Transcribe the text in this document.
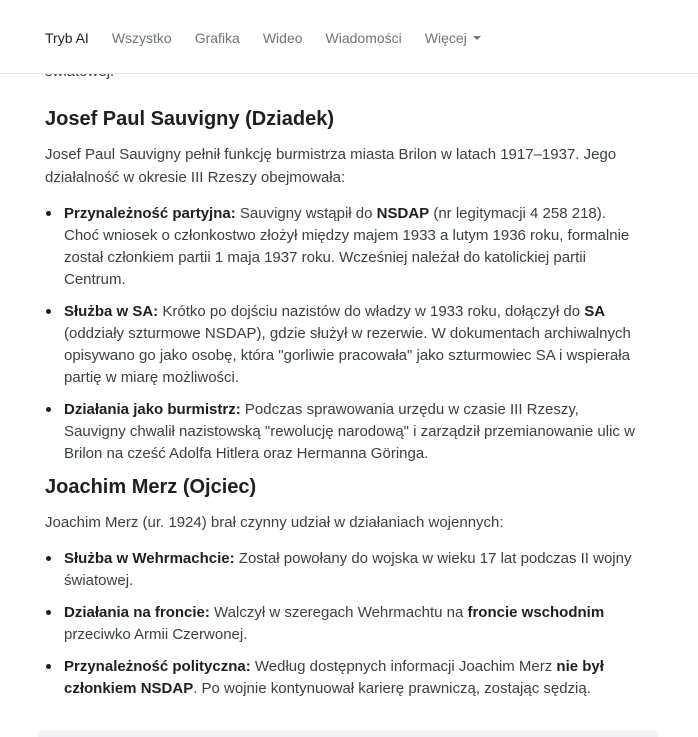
Josef Paul Sauvigny (Dziadek)

Josef Paul Sauvigny pełnił funkcję burmistrza miasta Brilon w latach 1917–1937. Jego działalność w okresie III Rzeszy obejmowała:

Przynależność partyjna: Sauvigny wstąpił do NSDAP (nr legitymacji 4 258 218). Choć wniosek o członkostwo złożył między majem 1933 a lutym 1936 roku, formalnie został członkiem partii 1 maja 1937 roku. Wcześniej należał do katolickiej partii Centrum.
Służba w SA: Krótko po dojściu nazistów do władzy w 1933 roku, dołączył do SA (oddziały szturmowe NSDAP), gdzie służył w rezerwie. W dokumentach archiwalnych opisywano go jako osobę, która "gorliwie pracowała" jako szturmowiec SA i wspierała partię w miarę możliwości.
Działania jako burmistrz: Podczas sprawowania urzędu w czasie III Rzeszy, Sauvigny chwalił nazistowską "rewolucję narodową" i zarządził przemianowanie ulic w Brilon na cześć Adolfa Hitlera oraz Hermanna Göringa.
Joachim Merz (Ojciec)

Joachim Merz (ur. 1924) brał czynny udział w działaniach wojennych:

Służba w Wehrmachcie: Został powołany do wojska w wieku 17 lat podczas II wojny światowej.
Działania na froncie: Walczył w szeregach Wehrmachtu na froncie wschodnim przeciwko Armii Czerwonej.
Przynależność polityczna: Według dostępnych informacji Joachim Merz nie był członkiem NSDAP. Po wojnie kontynuował karierę prawniczą, zostając sędzią.
Tryb AI Wszystko Grafika Wideo Wiadomości Więcej
